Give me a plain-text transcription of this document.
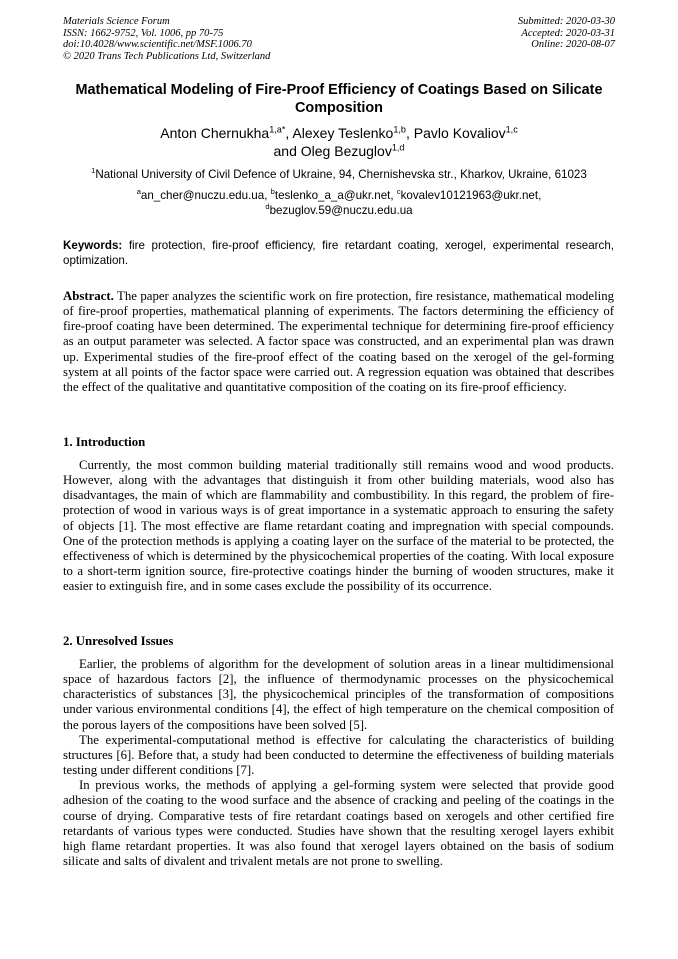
Materials Science Forum
ISSN: 1662-9752, Vol. 1006, pp 70-75
doi:10.4028/www.scientific.net/MSF.1006.70
© 2020 Trans Tech Publications Ltd, Switzerland
Submitted: 2020-03-30
Accepted: 2020-03-31
Online: 2020-08-07
Mathematical Modeling of Fire-Proof Efficiency of Coatings Based on Silicate Composition
Anton Chernukha$^{1,a*}$, Alexey Teslenko$^{1,b}$, Pavlo Kovaliov$^{1,c}$
and Oleg Bezuglov$^{1,d}$
$^1$National University of Civil Defence of Ukraine, 94, Chernishevska str., Kharkov, Ukraine, 61023
$^a$an_cher@nuczu.edu.ua, $^b$teslenko_a_a@ukr.net, $^c$kovalev10121963@ukr.net,
$^d$bezuglov.59@nuczu.edu.ua
Keywords: fire protection, fire-proof efficiency, fire retardant coating, xerogel, experimental research, optimization.

Abstract. The paper analyzes the scientific work on fire protection, fire resistance, mathematical modeling of fire-proof properties, mathematical planning of experiments. The factors determining the efficiency of fire-proof coating have been determined. The experimental technique for determining fire-proof efficiency as an output parameter was selected. A factor space was constructed, and an experimental plan was drawn up. Experimental studies of the fire-proof effect of the coating based on the xerogel of the gel-forming system at all points of the factor space were carried out. A regression equation was obtained that describes the effect of the qualitative and quantitative composition of the coating on its fire-proof efficiency.

1. Introduction

Currently, the most common building material traditionally still remains wood and wood products. However, along with the advantages that distinguish it from other building materials, wood also has disadvantages, the main of which are flammability and combustibility. In this regard, the problem of fire-protection of wood in various ways is of great importance in a systematic approach to ensuring the safety of objects [1]. The most effective are flame retardant coating and impregnation with special compounds. One of the protection methods is applying a coating layer on the surface of the material to be protected, the effectiveness of which is determined by the physicochemical properties of the coating. With local exposure to a short-term ignition source, fire-protective coatings hinder the burning of wooden structures, make it easier to extinguish fire, and in some cases exclude the possibility of its occurrence.

2. Unresolved Issues

Earlier, the problems of algorithm for the development of solution areas in a linear multidimensional space of hazardous factors [2], the influence of thermodynamic processes on the physicochemical characteristics of substances [3], the physicochemical principles of the transformation of compositions under various environmental conditions [4], the effect of high temperature on the chemical composition of the porous layers of the compositions have been solved [5].

The experimental-computational method is effective for calculating the characteristics of building structures [6]. Before that, a study had been conducted to determine the effectiveness of building materials testing under different conditions [7].

In previous works, the methods of applying a gel-forming system were selected that provide good adhesion of the coating to the wood surface and the absence of cracking and peeling of the coatings in the course of drying. Comparative tests of fire retardant coatings based on xerogels and other certified fire retardants of various types were conducted. Studies have shown that the resulting xerogel layers exhibit high flame retardant properties. It was also found that xerogel layers obtained on the basis of sodium silicate and salts of divalent and trivalent metals are not prone to swelling.
